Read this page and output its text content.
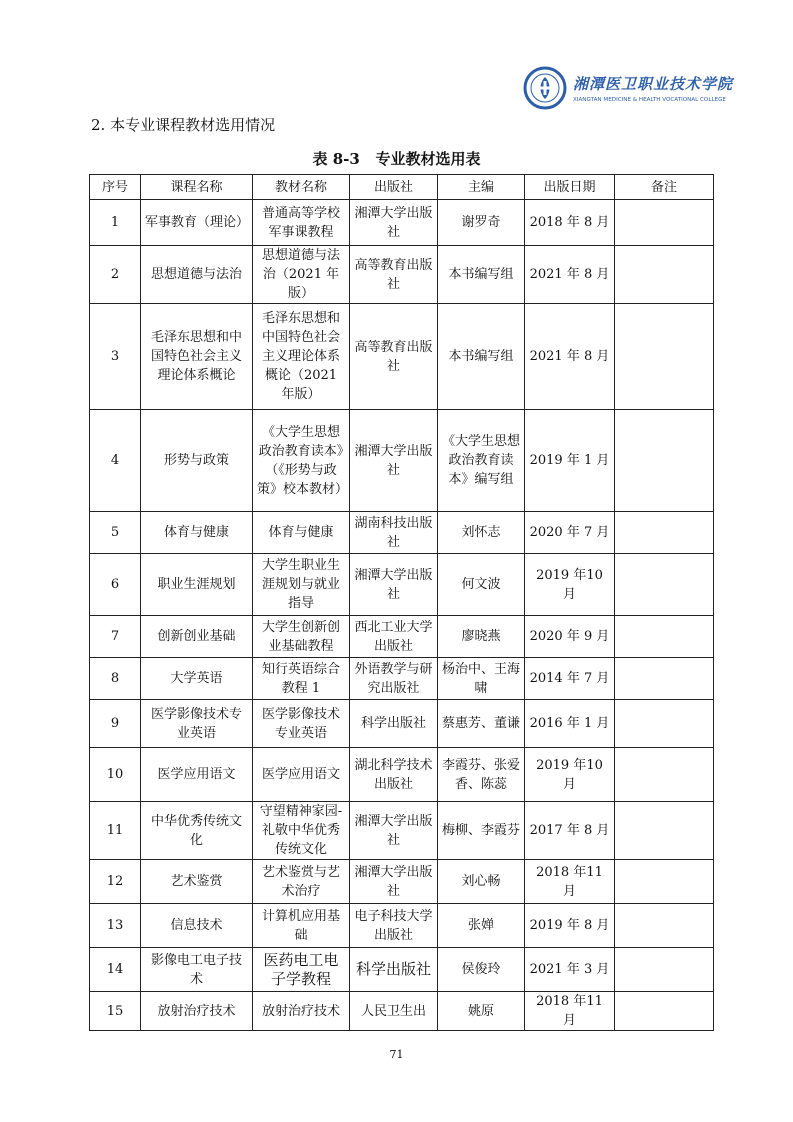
湘潭医卫职业技术学院
XIANGTAN MEDICINE & HEALTH VOCATIONAL COLLEGE
2. 本专业课程教材选用情况
表 8-3   专业教材选用表
序号	课程名称	教材名称	出版社	主编	出版日期	备注
1	军事教育（理论）	普通高等学校军事课教程	湘潭大学出版社	谢罗奇	2018 年 8 月	
2	思想道德与法治	思想道德与法治（2021 年版）	高等教育出版社	本书编写组	2021 年 8 月	
3	毛泽东思想和中国特色社会主义理论体系概论	毛泽东思想和中国特色社会主义理论体系概论（2021 年版）	高等教育出版社	本书编写组	2021 年 8 月	
4	形势与政策	《大学生思想政治教育读本》（《形势与政策》校本教材）	湘潭大学出版社	《大学生思想政治教育读本》编写组	2019 年 1 月	
5	体育与健康	体育与健康	湖南科技出版社	刘怀志	2020 年 7 月	
6	职业生涯规划	大学生职业生涯规划与就业指导	湘潭大学出版社	何文波	2019 年10 月	
7	创新创业基础	大学生创新创业基础教程	西北工业大学出版社	廖晓燕	2020 年 9 月	
8	大学英语	知行英语综合教程 1	外语教学与研究出版社	杨治中、王海啸	2014 年 7 月	
9	医学影像技术专业英语	医学影像技术专业英语	科学出版社	蔡惠芳、董谦	2016 年 1 月	
10	医学应用语文	医学应用语文	湖北科学技术出版社	李霞芬、张爱香、陈蕊	2019 年10 月	
11	中华优秀传统文化	守望精神家园-礼敬中华优秀传统文化	湘潭大学出版社	梅柳、李霞芬	2017 年 8 月	
12	艺术鉴赏	艺术鉴赏与艺术治疗	湘潭大学出版社	刘心畅	2018 年11 月	
13	信息技术	计算机应用基础	电子科技大学出版社	张婵	2019 年 8 月	
14	影像电工电子技术	医药电工电子学教程	科学出版社	侯俊玲	2021 年 3 月	
15	放射治疗技术	放射治疗技术	人民卫生出	姚原	2018 年11 月	
71
